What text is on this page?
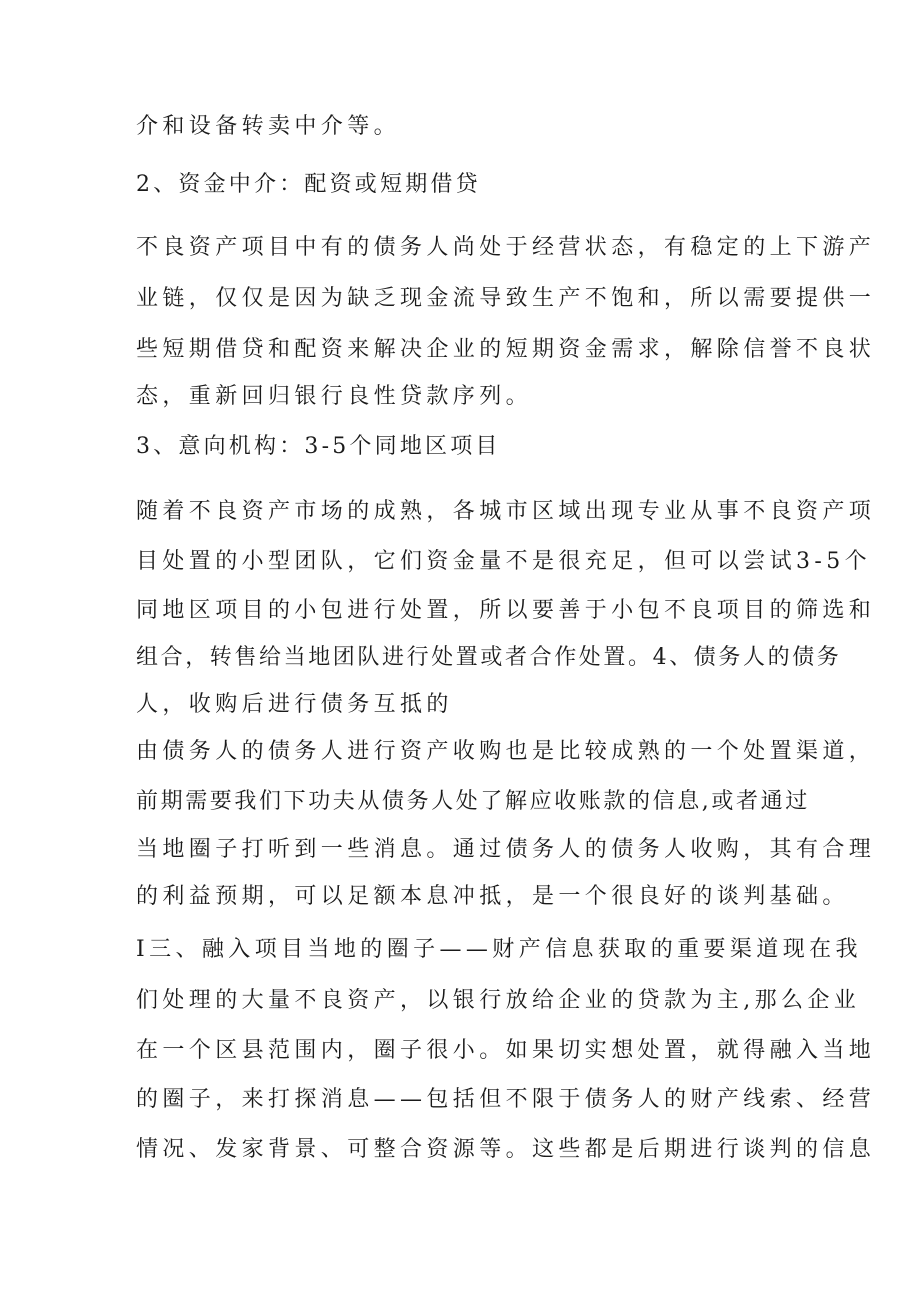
介和设备转卖中介等。
2、资金中介：配资或短期借贷
不良资产项目中有的债务人尚处于经营状态，有稳定的上下游产
业链，仅仅是因为缺乏现金流导致生产不饱和，所以需要提供一
些短期借贷和配资来解决企业的短期资金需求，解除信誉不良状
态，重新回归银行良性贷款序列。
3、意向机构：3-5个同地区项目
随着不良资产市场的成熟，各城市区域出现专业从事不良资产项
目处置的小型团队，它们资金量不是很充足，但可以尝试3-5个
同地区项目的小包进行处置，所以要善于小包不良项目的筛选和
组合，转售给当地团队进行处置或者合作处置。4、债务人的债务
人，收购后进行债务互抵的
由债务人的债务人进行资产收购也是比较成熟的一个处置渠道，
前期需要我们下功夫从债务人处了解应收账款的信息,或者通过
当地圈子打听到一些消息。通过债务人的债务人收购，其有合理
的利益预期，可以足额本息冲抵，是一个很良好的谈判基础。
I三、融入项目当地的圈子——财产信息获取的重要渠道现在我
们处理的大量不良资产，以银行放给企业的贷款为主,那么企业
在一个区县范围内，圈子很小。如果切实想处置，就得融入当地
的圈子，来打探消息——包括但不限于债务人的财产线索、经营
情况、发家背景、可整合资源等。这些都是后期进行谈判的信息
